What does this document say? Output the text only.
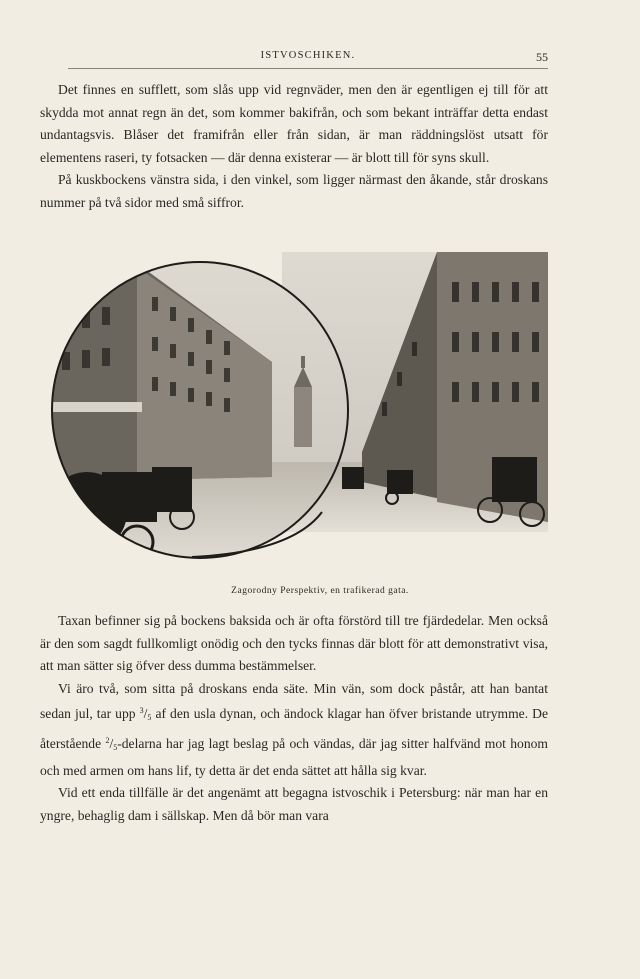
ISTVOSCHIKEN.	55

Det finnes en sufflett, som slås upp vid regnväder, men den är egentligen ej till för att skydda mot annat regn än det, som kommer bakifrån, och som bekant inträffar detta endast undantagsvis. Blåser det framifrån eller från sidan, är man räddningslöst utsatt för elementens raseri, ty fotsacken — där denna existerar — är blott till för syns skull.

På kuskbockens vänstra sida, i den vinkel, som ligger närmast den åkande, står droskans nummer på två sidor med små siffror.

Zagorodny Perspektiv, en trafikerad gata.

Taxan befinner sig på bockens baksida och är ofta förstörd till tre fjärdedelar. Men också är den som sagdt fullkomligt onödig och den tycks finnas där blott för att demonstrativt visa, att man sätter sig öfver dess dumma bestämmelser.

Vi äro två, som sitta på droskans enda säte. Min vän, som dock påstår, att han bantat sedan jul, tar upp $^3/_5$ af den usla dynan, och ändock klagar han öfver bristande utrymme. De återstående $^2/_5$-delarna har jag lagt beslag på och vändas, där jag sitter halfvänd mot honom och med armen om hans lif, ty detta är det enda sättet att hålla sig kvar.

Vid ett enda tillfälle är det angenämt att begagna istvoschik i Petersburg: när man har en yngre, behaglig dam i sällskap. Men då bör man vara
